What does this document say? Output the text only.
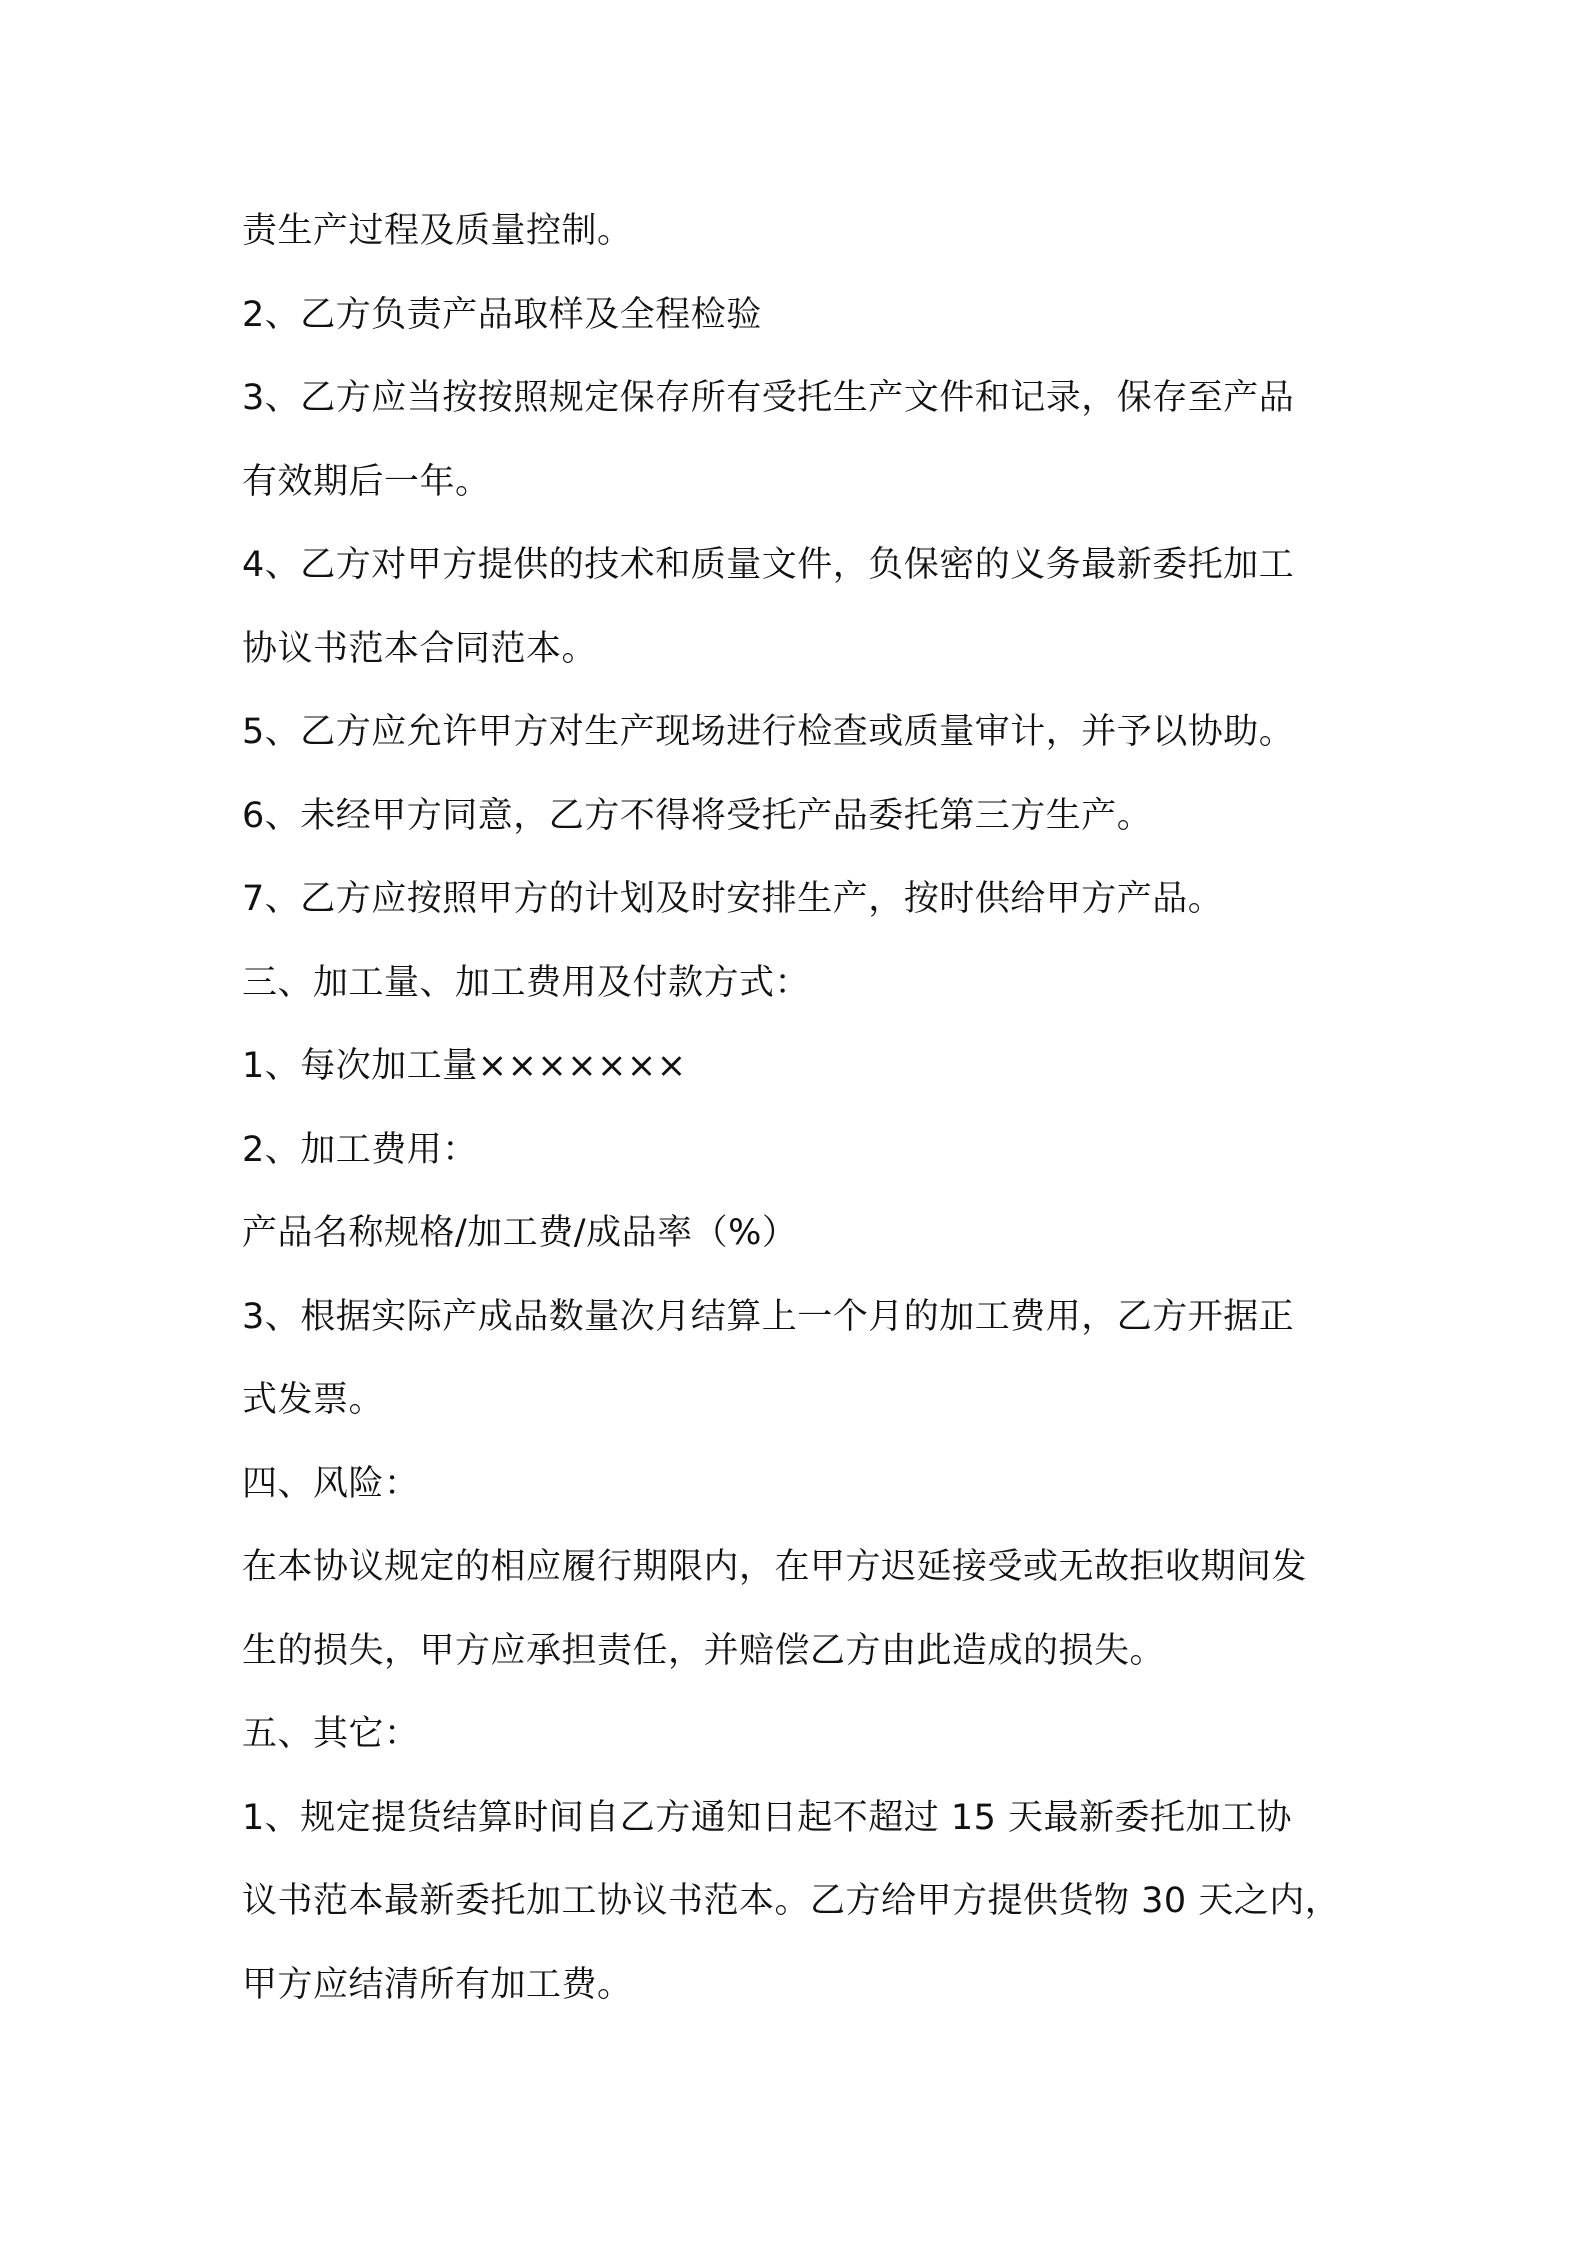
责生产过程及质量控制。
2、乙方负责产品取样及全程检验
3、乙方应当按按照规定保存所有受托生产文件和记录，保存至产品
有效期后一年。
4、乙方对甲方提供的技术和质量文件，负保密的义务最新委托加工
协议书范本合同范本。
5、乙方应允许甲方对生产现场进行检查或质量审计，并予以协助。
6、未经甲方同意，乙方不得将受托产品委托第三方生产。
7、乙方应按照甲方的计划及时安排生产，按时供给甲方产品。
三、加工量、加工费用及付款方式：
1、每次加工量×××××××
2、加工费用：
产品名称规格/加工费/成品率（%）
3、根据实际产成品数量次月结算上一个月的加工费用，乙方开据正
式发票。
四、风险：
在本协议规定的相应履行期限内，在甲方迟延接受或无故拒收期间发
生的损失，甲方应承担责任，并赔偿乙方由此造成的损失。
五、其它：
1、规定提货结算时间自乙方通知日起不超过 15 天最新委托加工协
议书范本最新委托加工协议书范本。乙方给甲方提供货物 30 天之内，
甲方应结清所有加工费。
